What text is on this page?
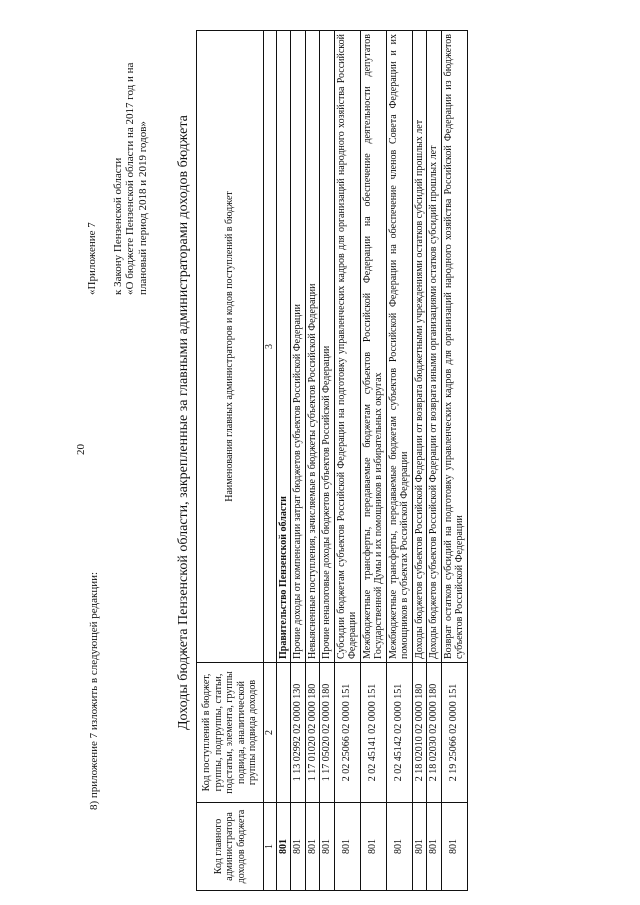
20
8) приложение 7 изложить в следующей редакции:
«Приложение 7 к Закону Пензенской области «О бюджете Пензенской области на 2017 год и на плановый период 2018 и 2019 годов» Доходы бюджета Пензенской области, закрепленные за главными администраторами доходов бюджета
Код главного администратора доходов бюджета	Код поступлений в бюджет, группы, подгруппы, статьи, подстатьи, элемента, группы подвида, аналитической группы подвида доходов	Наименования главных администраторов и кодов поступлений в бюджет
1	2	3
801		Правительство Пензенской области
801	1 13 02992 02 0000 130	Прочие доходы от компенсации затрат бюджетов субъектов Российской Федерации
801	1 17 01020 02 0000 180	Невыясненные поступления, зачисляемые в бюджеты субъектов Российской Федерации
801	1 17 05020 02 0000 180	Прочие неналоговые доходы бюджетов субъектов Российской Федерации
801	2 02 25066 02 0000 151	Субсидии бюджетам субъектов Российской Федерации на подготовку управленческих кадров для организаций народного хозяйства Российской Федерации
801	2 02 45141 02 0000 151	Межбюджетные трансферты, передаваемые бюджетам субъектов Российской Федерации на обеспечение деятельности депутатов Государственной Думы и их помощников в избирательных округах
801	2 02 45142 02 0000 151	Межбюджетные трансферты, передаваемые бюджетам субъектов Российской Федерации на обеспечение членов Совета Федерации и их помощников в субъектах Российской Федерации
801	2 18 02010 02 0000 180	Доходы бюджетов субъектов Российской Федерации от возврата бюджетными учреждениями остатков субсидий прошлых лет
801	2 18 02030 02 0000 180	Доходы бюджетов субъектов Российской Федерации от возврата иными организациями остатков субсидий прошлых лет
801	2 19 25066 02 0000 151	Возврат остатков субсидий на подготовку управленческих кадров для организаций народного хозяйства Российской Федерации из бюджетов субъектов Российской Федерации
